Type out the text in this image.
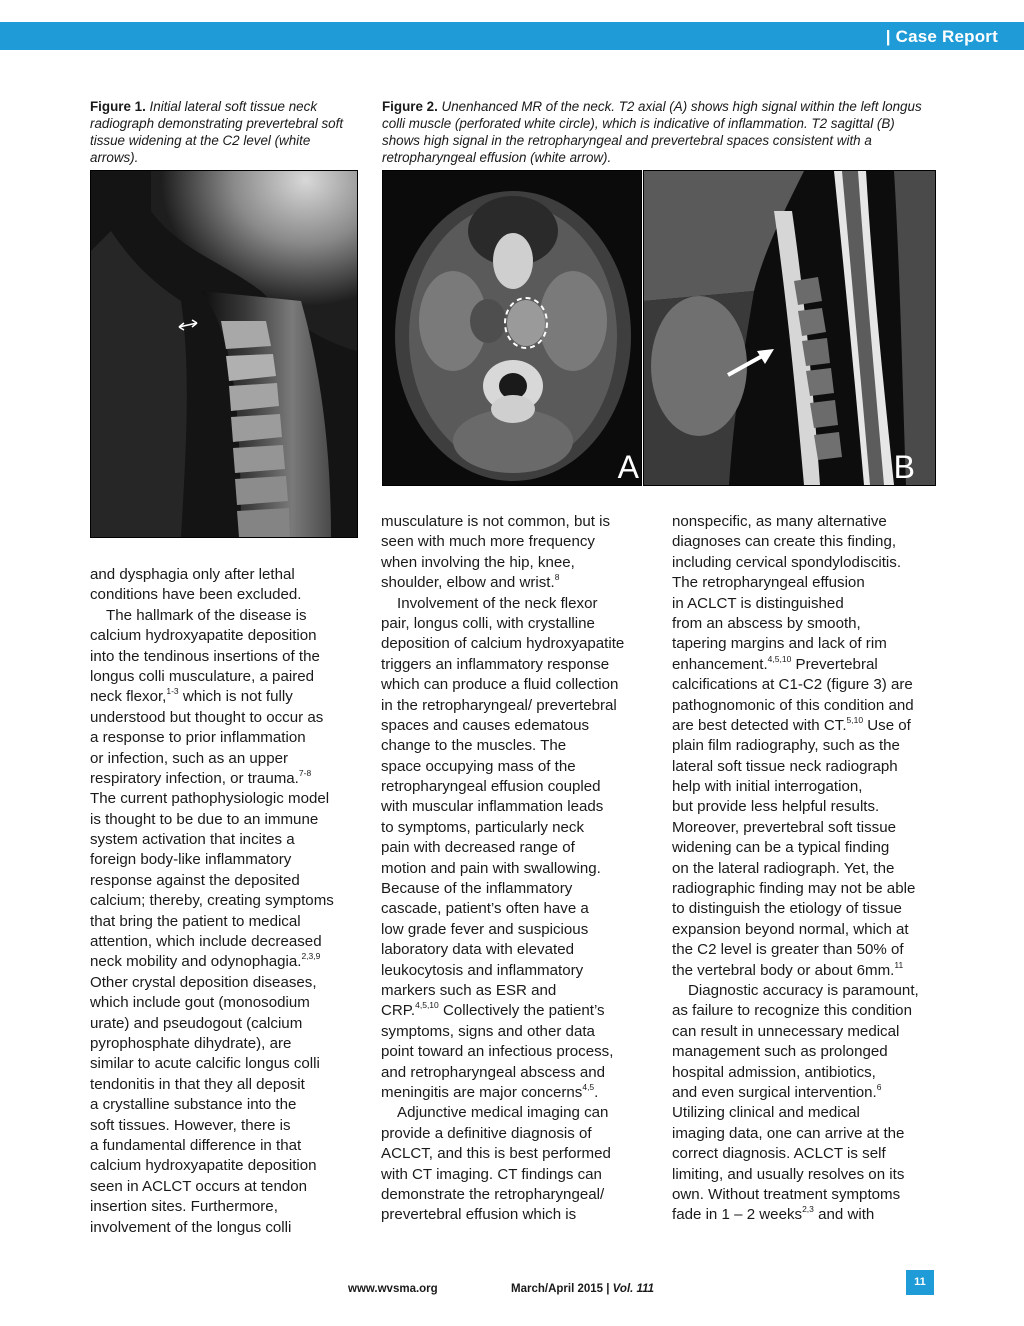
| Case Report
Figure 1. Initial lateral soft tissue neck radiograph demonstrating prevertebral soft tissue widening at the C2 level (white arrows).
Figure 2. Unenhanced MR of the neck. T2 axial (A) shows high signal within the left longus colli muscle (perforated white circle), which is indicative of inflammation. T2 sagittal (B) shows high signal in the retropharyngeal and prevertebral spaces consistent with a retropharyngeal effusion (white arrow).
A	B
and dysphagia only after lethal
conditions have been excluded.
The hallmark of the disease is
calcium hydroxyapatite deposition
into the tendinous insertions of the
longus colli musculature, a paired
neck flexor,$^{1-3}$ which is not fully
understood but thought to occur as
a response to prior inflammation
or infection, such as an upper
respiratory infection, or trauma.$^{7-8}$
The current pathophysiologic model
is thought to be due to an immune
system activation that incites a
foreign body-like inflammatory
response against the deposited
calcium; thereby, creating symptoms
that bring the patient to medical
attention, which include decreased
neck mobility and odynophagia.$^{2,3,9}$
Other crystal deposition diseases,
which include gout (monosodium
urate) and pseudogout (calcium
pyrophosphate dihydrate), are
similar to acute calcific longus colli
tendonitis in that they all deposit
a crystalline substance into the
soft tissues. However, there is
a fundamental difference in that
calcium hydroxyapatite deposition
seen in ACLCT occurs at tendon
insertion sites. Furthermore,
involvement of the longus colli
musculature is not common, but is
seen with much more frequency
when involving the hip, knee,
shoulder, elbow and wrist.$^8$
Involvement of the neck flexor
pair, longus colli, with crystalline
deposition of calcium hydroxyapatite
triggers an inflammatory response
which can produce a fluid collection
in the retropharyngeal/ prevertebral
spaces and causes edematous
change to the muscles. The
space occupying mass of the
retropharyngeal effusion coupled
with muscular inflammation leads
to symptoms, particularly neck
pain with decreased range of
motion and pain with swallowing.
Because of the inflammatory
cascade, patient’s often have a
low grade fever and suspicious
laboratory data with elevated
leukocytosis and inflammatory
markers such as ESR and
CRP.$^{4,5,10}$ Collectively the patient’s
symptoms, signs and other data
point toward an infectious process,
and retropharyngeal abscess and
meningitis are major concerns$^{4,5}$.
Adjunctive medical imaging can
provide a definitive diagnosis of
ACLCT, and this is best performed
with CT imaging. CT findings can
demonstrate the retropharyngeal/
prevertebral effusion which is
nonspecific, as many alternative
diagnoses can create this finding,
including cervical spondylodiscitis.
The retropharyngeal effusion
in ACLCT is distinguished
from an abscess by smooth,
tapering margins and lack of rim
enhancement.$^{4,5,10}$ Prevertebral
calcifications at C1-C2 (figure 3) are
pathognomonic of this condition and
are best detected with CT.$^{5,10}$ Use of
plain film radiography, such as the
lateral soft tissue neck radiograph
help with initial interrogation,
but provide less helpful results.
Moreover, prevertebral soft tissue
widening can be a typical finding
on the lateral radiograph. Yet, the
radiographic finding may not be able
to distinguish the etiology of tissue
expansion beyond normal, which at
the C2 level is greater than 50% of
the vertebral body or about 6mm.$^{11}$
Diagnostic accuracy is paramount,
as failure to recognize this condition
can result in unnecessary medical
management such as prolonged
hospital admission, antibiotics,
and even surgical intervention.$^6$
Utilizing clinical and medical
imaging data, one can arrive at the
correct diagnosis. ACLCT is self
limiting, and usually resolves on its
own. Without treatment symptoms
fade in 1 – 2 weeks$^{2,3}$ and with
www.wvsma.org	March/April 2015 | Vol. 111
11
